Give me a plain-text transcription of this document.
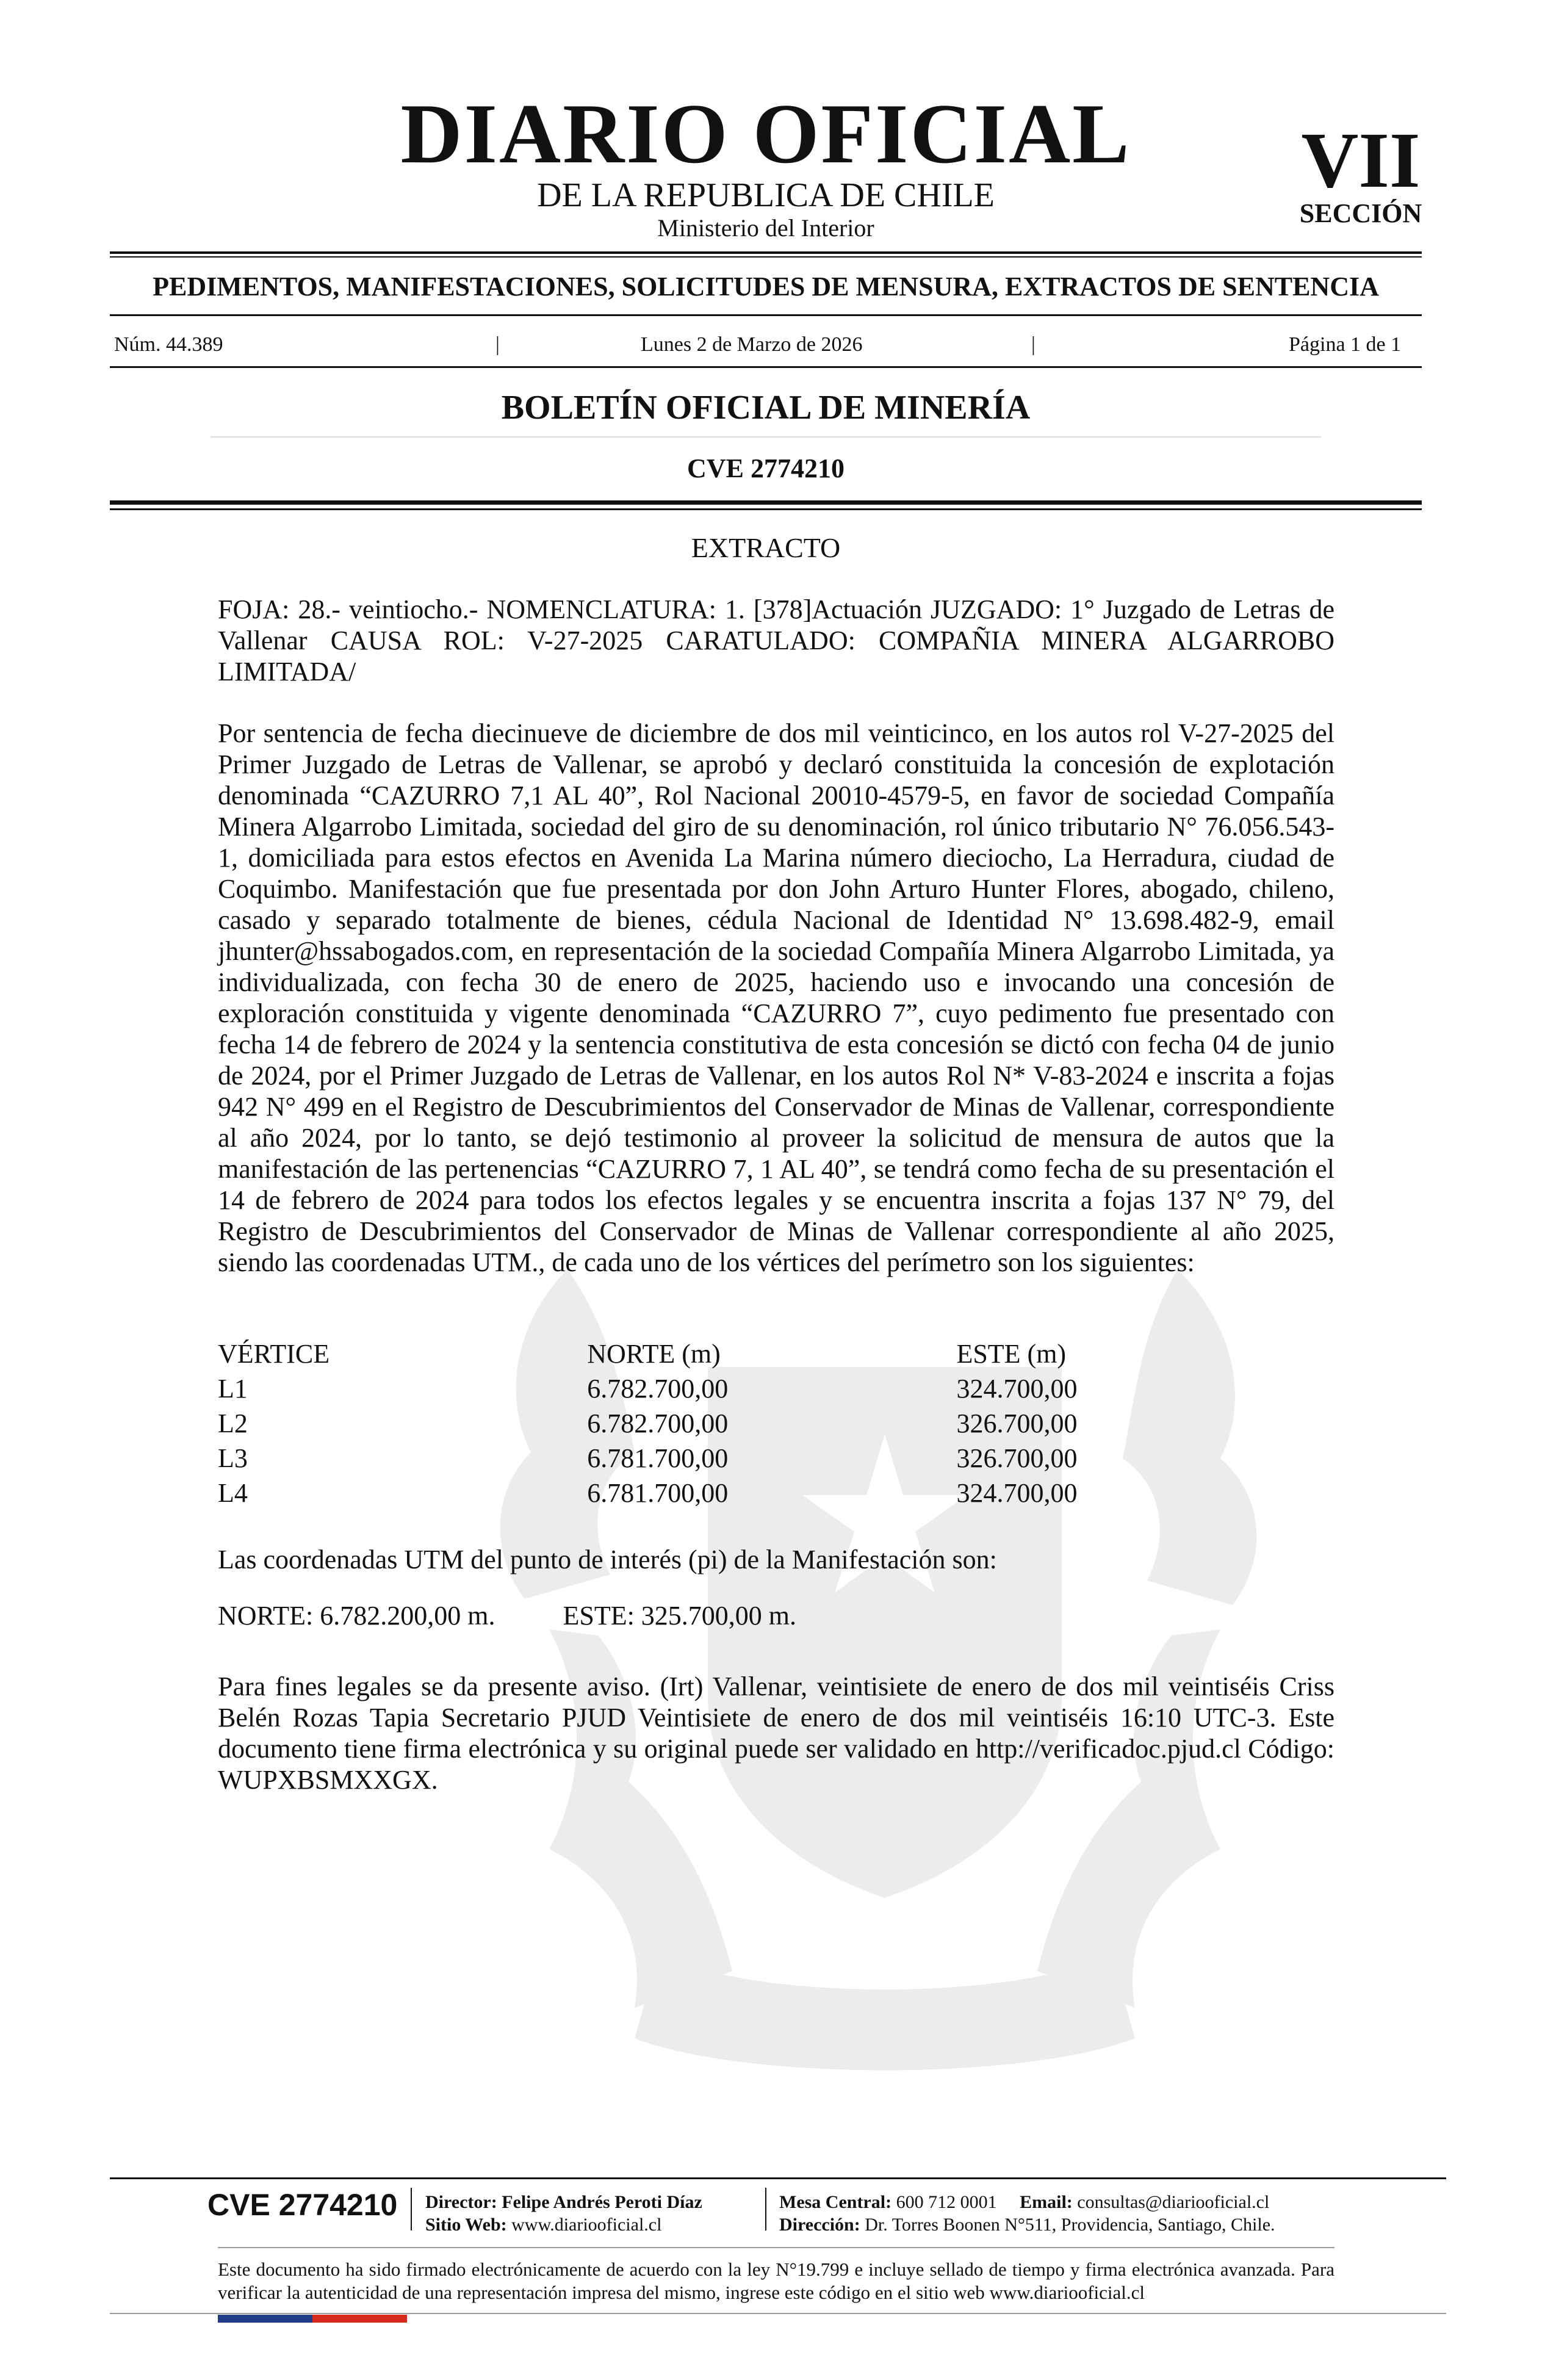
DIARIO OFICIAL
DE LA REPUBLICA DE CHILE
Ministerio del Interior
VII
SECCIÓN
PEDIMENTOS, MANIFESTACIONES, SOLICITUDES DE MENSURA, EXTRACTOS DE SENTENCIA
Núm. 44.389	|	Lunes 2 de Marzo de 2026	|	Página 1 de 1
BOLETÍN OFICIAL DE MINERÍA
CVE 2774210
EXTRACTO
FOJA: 28.- veintiocho.- NOMENCLATURA: 1. [378]Actuación JUZGADO: 1° Juzgado de Letras de Vallenar CAUSA ROL: V-27-2025 CARATULADO: COMPAÑIA MINERA ALGARROBO LIMITADA/
Por sentencia de fecha diecinueve de diciembre de dos mil veinticinco, en los autos rol V-27-2025 del Primer Juzgado de Letras de Vallenar, se aprobó y declaró constituida la concesión de explotación denominada “CAZURRO 7,1 AL 40”, Rol Nacional 20010-4579-5, en favor de sociedad Compañía Minera Algarrobo Limitada, sociedad del giro de su denominación, rol único tributario N° 76.056.543-1, domiciliada para estos efectos en Avenida La Marina número dieciocho, La Herradura, ciudad de Coquimbo. Manifestación que fue presentada por don John Arturo Hunter Flores, abogado, chileno, casado y separado totalmente de bienes, cédula Nacional de Identidad N° 13.698.482-9, email jhunter@hssabogados.com, en representación de la sociedad Compañía Minera Algarrobo Limitada, ya individualizada, con fecha 30 de enero de 2025, haciendo uso e invocando una concesión de exploración constituida y vigente denominada “CAZURRO 7”, cuyo pedimento fue presentado con fecha 14 de febrero de 2024 y la sentencia constitutiva de esta concesión se dictó con fecha 04 de junio de 2024, por el Primer Juzgado de Letras de Vallenar, en los autos Rol N* V-83-2024 e inscrita a fojas 942 N° 499 en el Registro de Descubrimientos del Conservador de Minas de Vallenar, correspondiente al año 2024, por lo tanto, se dejó testimonio al proveer la solicitud de mensura de autos que la manifestación de las pertenencias “CAZURRO 7, 1 AL 40”, se tendrá como fecha de su presentación el 14 de febrero de 2024 para todos los efectos legales y se encuentra inscrita a fojas 137 N° 79, del Registro de Descubrimientos del Conservador de Minas de Vallenar correspondiente al año 2025, siendo las coordenadas UTM., de cada uno de los vértices del perímetro son los siguientes:
VÉRTICE	NORTE (m)	ESTE (m)
L1	6.782.700,00	324.700,00
L2	6.782.700,00	326.700,00
L3	6.781.700,00	326.700,00
L4	6.781.700,00	324.700,00
Las coordenadas UTM del punto de interés (pi) de la Manifestación son:
NORTE: 6.782.200,00 m.	ESTE: 325.700,00 m.
Para fines legales se da presente aviso. (Irt) Vallenar, veintisiete de enero de dos mil veintiséis Criss Belén Rozas Tapia Secretario PJUD Veintisiete de enero de dos mil veintiséis 16:10 UTC-3. Este documento tiene firma electrónica y su original puede ser validado en http://verificadoc.pjud.cl Código: WUPXBSMXXGX.
CVE 2774210 Director: Felipe Andrés Peroti Díaz
Sitio Web: www.diariooficial.cl
Mesa Central: 600 712 0001 Email: consultas@diariooficial.cl
Dirección: Dr. Torres Boonen N°511, Providencia, Santiago, Chile.
Este documento ha sido firmado electrónicamente de acuerdo con la ley N°19.799 e incluye sellado de tiempo y firma electrónica avanzada. Para verificar la autenticidad de una representación impresa del mismo, ingrese este código en el sitio web www.diariooficial.cl
